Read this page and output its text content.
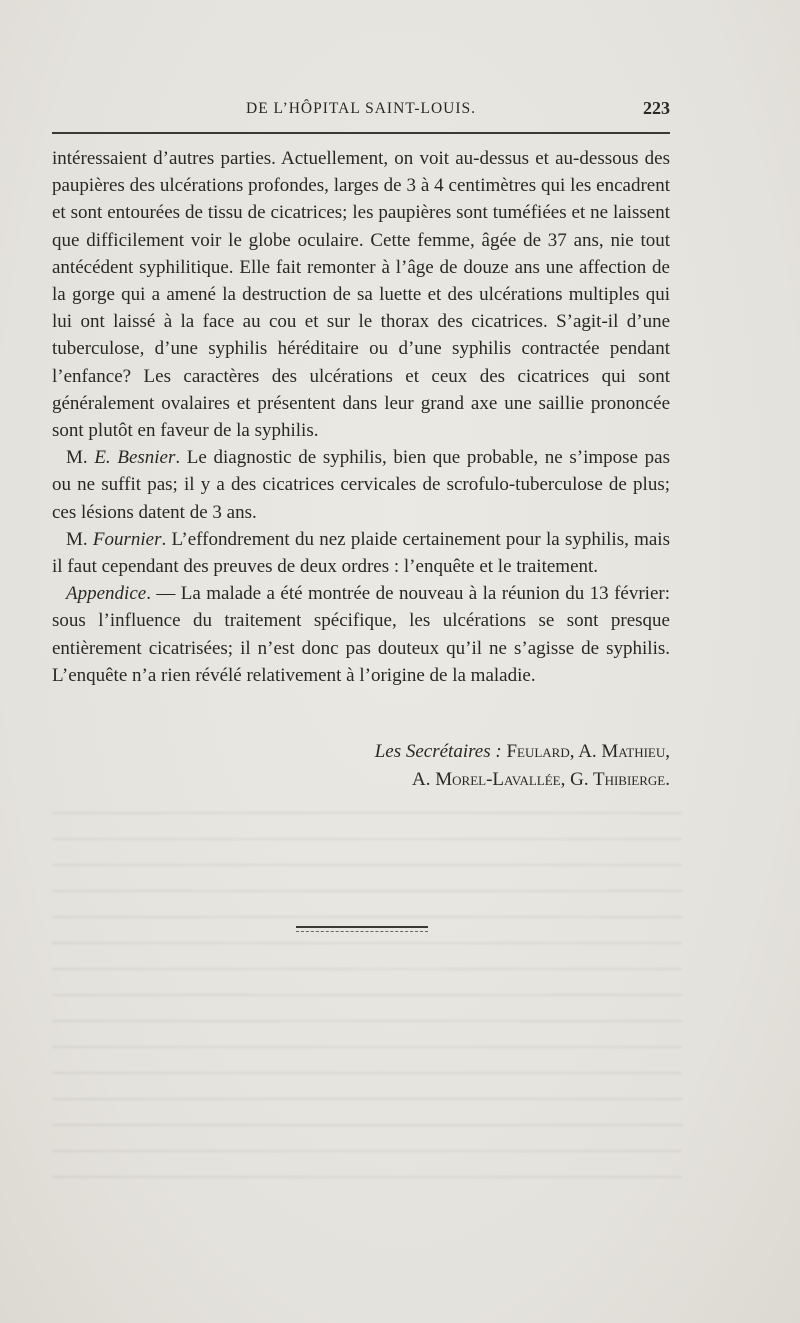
DE L’HÔPITAL SAINT-LOUIS.	223

intéressaient d’autres parties. Actuellement, on voit au-dessus et au-dessous des paupières des ulcérations profondes, larges de 3 à 4 centimètres qui les encadrent et sont entourées de tissu de cicatrices; les paupières sont tuméfiées et ne laissent que difficilement voir le globe oculaire. Cette femme, âgée de 37 ans, nie tout antécédent syphilitique. Elle fait remonter à l’âge de douze ans une affection de la gorge qui a amené la destruction de sa luette et des ulcérations multiples qui lui ont laissé à la face au cou et sur le thorax des cicatrices. S’agit-il d’une tuberculose, d’une syphilis héréditaire ou d’une syphilis contractée pendant l’enfance? Les caractères des ulcérations et ceux des cicatrices qui sont généralement ovalaires et présentent dans leur grand axe une saillie prononcée sont plutôt en faveur de la syphilis.

M. E. Besnier. Le diagnostic de syphilis, bien que probable, ne s’impose pas ou ne suffit pas; il y a des cicatrices cervicales de scrofulo-tuberculose de plus; ces lésions datent de 3 ans.

M. Fournier. L’effondrement du nez plaide certainement pour la syphilis, mais il faut cependant des preuves de deux ordres : l’enquête et le traitement.

Appendice. — La malade a été montrée de nouveau à la réunion du 13 février: sous l’influence du traitement spécifique, les ulcérations se sont presque entièrement cicatrisées; il n’est donc pas douteux qu’il ne s’agisse de syphilis. L’enquête n’a rien révélé relativement à l’origine de la maladie.

Les Secrétaires : Feulard, A. Mathieu,
A. Morel-Lavallée, G. Thibierge.
